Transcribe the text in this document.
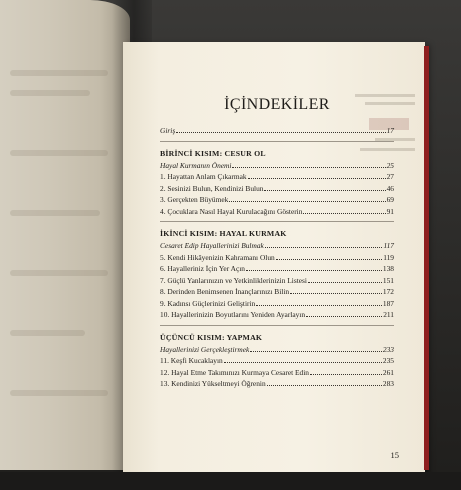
İÇİNDEKİLER
Giriş	17
BİRİNCİ KISIM: CESUR OL
Hayal Kurmanın Önemi	25
1. Hayattan Anlam Çıkarmak	27
2. Sesinizi Bulun, Kendinizi Bulun	46
3. Gerçekten Büyümek	69
4. Çocuklara Nasıl Hayal Kurulacağını Gösterin	91
İKİNCİ KISIM: HAYAL KURMAK
Cesaret Edip Hayallerinizi Bulmak	117
5. Kendi Hikâyenizin Kahramanı Olun	119
6. Hayalleriniz İçin Yer Açın	138
7. Güçlü Yanlarınızın ve Yetkinliklerinizin Listesi	151
8. Derinden Benimsenen İnançlarınızı Bilin	172
9. Kadınsı Güçlerinizi Geliştirin	187
10. Hayallerinizin Boyutlarını Yeniden Ayarlayın	211
ÜÇÜNCÜ KISIM: YAPMAK
Hayallerinizi Gerçekleştirmek	233
11. Keşfi Kucaklayın	235
12. Hayal Etme Takımınızı Kurmaya Cesaret Edin	261
13. Kendinizi Yükseltmeyi Öğrenin	283
15
